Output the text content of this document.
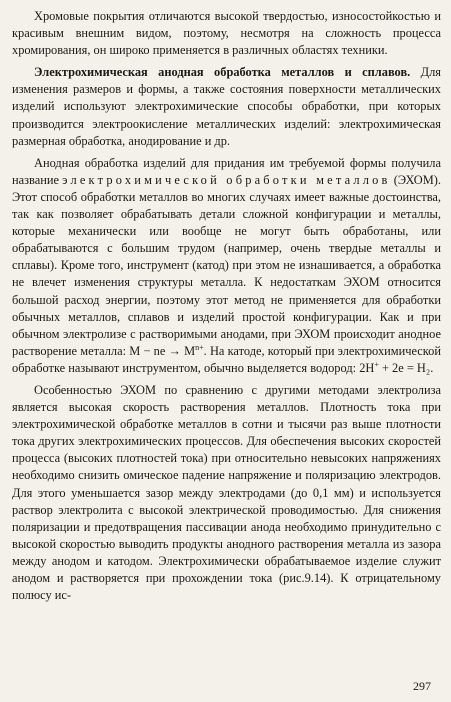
Хромовые покрытия отличаются высокой твердостью, износостойкостью и красивым внешним видом, поэтому, несмотря на сложность процесса хромирования, он широко применяется в различных областях техники.

Электрохимическая анодная обработка металлов и сплавов. Для изменения размеров и формы, а также состояния поверхности металлических изделий используют электрохимические способы обработки, при которых производится электроокисление металлических изделий: электрохимическая размерная обработка, анодирование и др.

Анодная обработка изделий для придания им требуемой формы получила название электрохимической обработки металлов (ЭХОМ). Этот способ обработки металлов во многих случаях имеет важные достоинства, так как позволяет обрабатывать детали сложной конфигурации и металлы, которые механически или вообще не могут быть обработаны, или обрабатываются с большим трудом (например, очень твердые металлы и сплавы). Кроме того, инструмент (катод) при этом не изнашивается, а обработка не влечет изменения структуры металла. К недостаткам ЭХОМ относится большой расход энергии, поэтому этот метод не применяется для обработки обычных металлов, сплавов и изделий простой конфигурации. Как и при обычном электролизе с растворимыми анодами, при ЭХОМ происходит анодное растворение металла: M − ne → $M^{n+}$. На катоде, который при электрохимической обработке называют инструментом, обычно выделяется водород: 2H+ + 2e = H₂.

Особенностью ЭХОМ по сравнению с другими методами электролиза является высокая скорость растворения металлов. Плотность тока при электрохимической обработке металлов в сотни и тысячи раз выше плотности тока других электрохимических процессов. Для обеспечения высоких скоростей процесса (высоких плотностей тока) при относительно невысоких напряжениях необходимо снизить омическое падение напряжение и поляризацию электродов. Для этого уменьшается зазор между электродами (до 0,1 мм) и используется раствор электролита с высокой электрической проводимостью. Для снижения поляризации и предотвращения пассивации анода необходимо принудительно с высокой скоростью выводить продукты анодного растворения металла из зазора между анодом и катодом. Электрохимически обрабатываемое изделие служит анодом и растворяется при прохождении тока (рис.9.14). К отрицательному полюсу ис-

297
